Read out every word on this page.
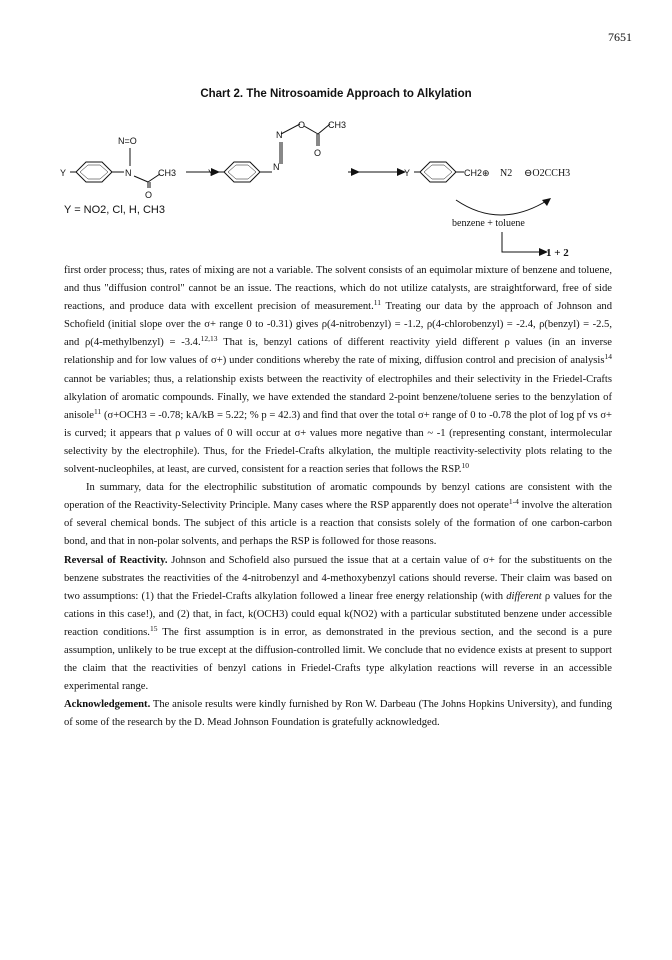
7651
Chart 2. The Nitrosoamide Approach to Alkylation
N=O
N	CH3
O
Y	Y
N
N
O	CH3
O
Y	CH2⊕ N2 ⊖O2CCH3
benzene + toluene
1 + 2
Y = NO2, Cl, H, CH3

first order process; thus, rates of mixing are not a variable. The solvent consists of an equimolar mixture of benzene and toluene, and thus "diffusion control" cannot be an issue. The reactions, which do not utilize catalysts, are straightforward, free of side reactions, and produce data with excellent precision of measurement.$^{11}$ Treating our data by the approach of Johnson and Schofield (initial slope over the σ+ range 0 to -0.31) gives ρ(4-nitrobenzyl) = -1.2, ρ(4-chlorobenzyl) = -2.4, ρ(benzyl) = -2.5, and ρ(4-methylbenzyl) = -3.4.$^{12,13}$ That is, benzyl cations of different reactivity yield different ρ values (in an inverse relationship and for low values of σ+) under conditions whereby the rate of mixing, diffusion control and precision of analysis$^{14}$ cannot be variables; thus, a relationship exists between the reactivity of electrophiles and their selectivity in the Friedel-Crafts alkylation of aromatic compounds. Finally, we have extended the standard 2-point benzene/toluene series to the benzylation of anisole$^{11}$ (σ+OCH3 = -0.78; kA/kB = 5.22; % p = 42.3) and find that over the total σ+ range of 0 to -0.78 the plot of log pf vs σ+ is curved; it appears that ρ values of 0 will occur at σ+ values more negative than ~ -1 (representing constant, intermolecular selectivity by the electrophile). Thus, for the Friedel-Crafts alkylation, the multiple reactivity-selectivity plots relating to the solvent-nucleophiles, at least, are curved, consistent for a reaction series that follows the RSP.$^{10}$

In summary, data for the electrophilic substitution of aromatic compounds by benzyl cations are consistent with the operation of the Reactivity-Selectivity Principle. Many cases where the RSP apparently does not operate$^{1-4}$ involve the alteration of several chemical bonds. The subject of this article is a reaction that consists solely of the formation of one carbon-carbon bond, and that in non-polar solvents, and perhaps the RSP is followed for those reasons.

Reversal of Reactivity. Johnson and Schofield also pursued the issue that at a certain value of σ+ for the substituents on the benzene substrates the reactivities of the 4-nitrobenzyl and 4-methoxybenzyl cations should reverse. Their claim was based on two assumptions: (1) that the Friedel-Crafts alkylation followed a linear free energy relationship (with different ρ values for the cations in this case!), and (2) that, in fact, k(OCH3) could equal k(NO2) with a particular substituted benzene under accessible reaction conditions.$^{15}$ The first assumption is in error, as demonstrated in the previous section, and the second is a pure assumption, unlikely to be true except at the diffusion-controlled limit. We conclude that no evidence exists at present to support the claim that the reactivities of benzyl cations in Friedel-Crafts type alkylation reactions will reverse in an accessible experimental range.

Acknowledgement. The anisole results were kindly furnished by Ron W. Darbeau (The Johns Hopkins University), and funding of some of the research by the D. Mead Johnson Foundation is gratefully acknowledged.
